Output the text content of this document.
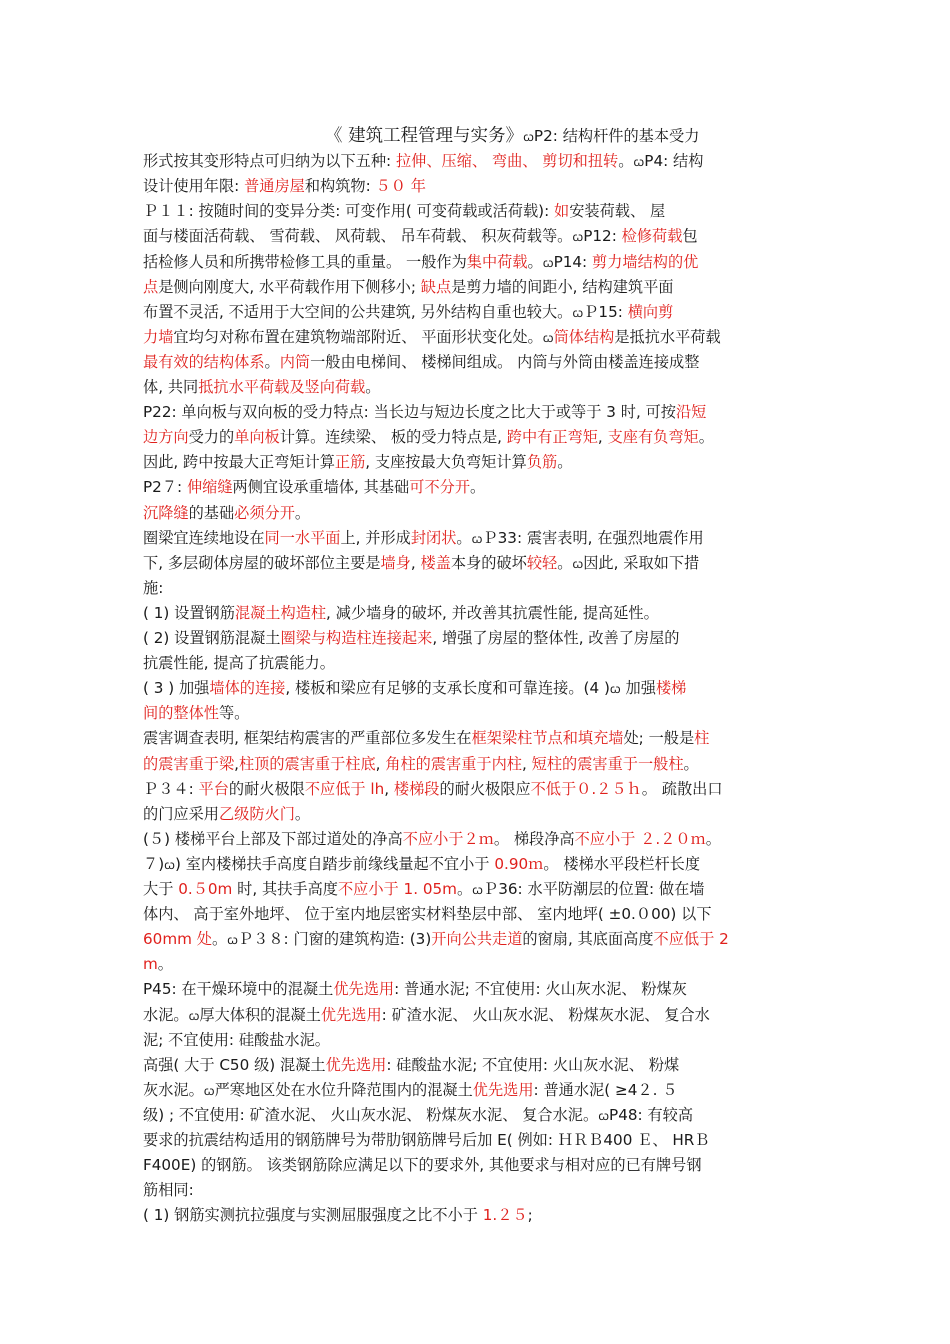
《 建筑工程管理与实务》ꞷP2: 结构杆件的基本受力
形式按其变形特点可归纳为以下五种: 拉伸、压缩、 弯曲、 剪切和扭转。ꞷP4: 结构
设计使用年限: 普通房屋和构筑物: ５０ 年
Ｐ１１: 按随时间的变异分类: 可变作用( 可变荷载或活荷载): 如安装荷载、 屋
面与楼面活荷载、 雪荷载、 风荷载、 吊车荷载、 积灰荷载等。ꞷP12: 检修荷载包
括检修人员和所携带检修工具的重量。 一般作为集中荷载。ꞷP14: 剪力墙结构的优
点是侧向刚度大, 水平荷载作用下侧移小; 缺点是剪力墙的间距小, 结构建筑平面
布置不灵活, 不适用于大空间的公共建筑, 另外结构自重也较大。ꞷＰ15: 横向剪
力墙宜均匀对称布置在建筑物端部附近、 平面形状变化处。ꞷ筒体结构是抵抗水平荷载
最有效的结构体系。内筒一般由电梯间、 楼梯间组成。 内筒与外筒由楼盖连接成整
体, 共同抵抗水平荷载及竖向荷载。
P22: 单向板与双向板的受力特点: 当长边与短边长度之比大于或等于 3 时, 可按沿短
边方向受力的单向板计算。连续梁、 板的受力特点是, 跨中有正弯矩, 支座有负弯矩。
因此, 跨中按最大正弯矩计算正筋, 支座按最大负弯矩计算负筋。
P2７: 伸缩缝两侧宜设承重墙体, 其基础可不分开。
沉降缝的基础必须分开。
圈梁宜连续地设在同一水平面上, 并形成封闭状。ꞷＰ33: 震害表明, 在强烈地震作用
下, 多层砌体房屋的破坏部位主要是墙身, 楼盖本身的破坏较轻。ꞷ因此, 采取如下措
施:
( 1) 设置钢筋混凝土构造柱, 减少墙身的破坏, 并改善其抗震性能, 提高延性。
( 2) 设置钢筋混凝土圈梁与构造柱连接起来, 增强了房屋的整体性, 改善了房屋的
抗震性能, 提高了抗震能力。
( 3 ) 加强墙体的连接, 楼板和梁应有足够的支承长度和可靠连接。(4 )ꞷ 加强楼梯
间的整体性等。
震害调查表明, 框架结构震害的严重部位多发生在框架梁柱节点和填充墙处; 一般是柱
的震害重于梁,柱顶的震害重于柱底, 角柱的震害重于内柱, 短柱的震害重于一般柱。
Ｐ３４: 平台的耐火极限不应低于 lh, 楼梯段的耐火极限应不低于０.２５ｈ。 疏散出口
的门应采用乙级防火门。
(５) 楼梯平台上部及下部过道处的净高不应小于２ｍ。 梯段净高不应小于 ２.２０ｍ。
７)ꞷ) 室内楼梯扶手高度自踏步前缘线量起不宜小于 0.90ｍ。 楼梯水平段栏杆长度
大于 0.５0m 时, 其扶手高度不应小于 1. 05m。ꞷＰ36: 水平防潮层的位置: 做在墙
体内、 高于室外地坪、 位于室内地层密实材料垫层中部、 室内地坪( ±0.０00) 以下
60mm 处。ꞷＰ３８: 门窗的建筑构造: (3)开向公共走道的窗扇, 其底面高度不应低于 2
m。
P45: 在干燥环境中的混凝土优先选用: 普通水泥; 不宜使用: 火山灰水泥、 粉煤灰
水泥。ꞷ厚大体积的混凝土优先选用: 矿渣水泥、 火山灰水泥、 粉煤灰水泥、 复合水
泥; 不宜使用: 硅酸盐水泥。
高强( 大于 C50 级) 混凝土优先选用: 硅酸盐水泥; 不宜使用: 火山灰水泥、 粉煤
灰水泥。ꞷ严寒地区处在水位升降范围内的混凝土优先选用: 普通水泥( ≥4２. ５
级) ; 不宜使用: 矿渣水泥、 火山灰水泥、 粉煤灰水泥、 复合水泥。ꞷP48: 有较高
要求的抗震结构适用的钢筋牌号为带肋钢筋牌号后加 E( 例如: ＨＲＢ400 Ｅ、 HRＢ
F400E) 的钢筋。 该类钢筋除应满足以下的要求外, 其他要求与相对应的已有牌号钢
筋相同:
( 1) 钢筋实测抗拉强度与实测屈服强度之比不小于 1.２５;
